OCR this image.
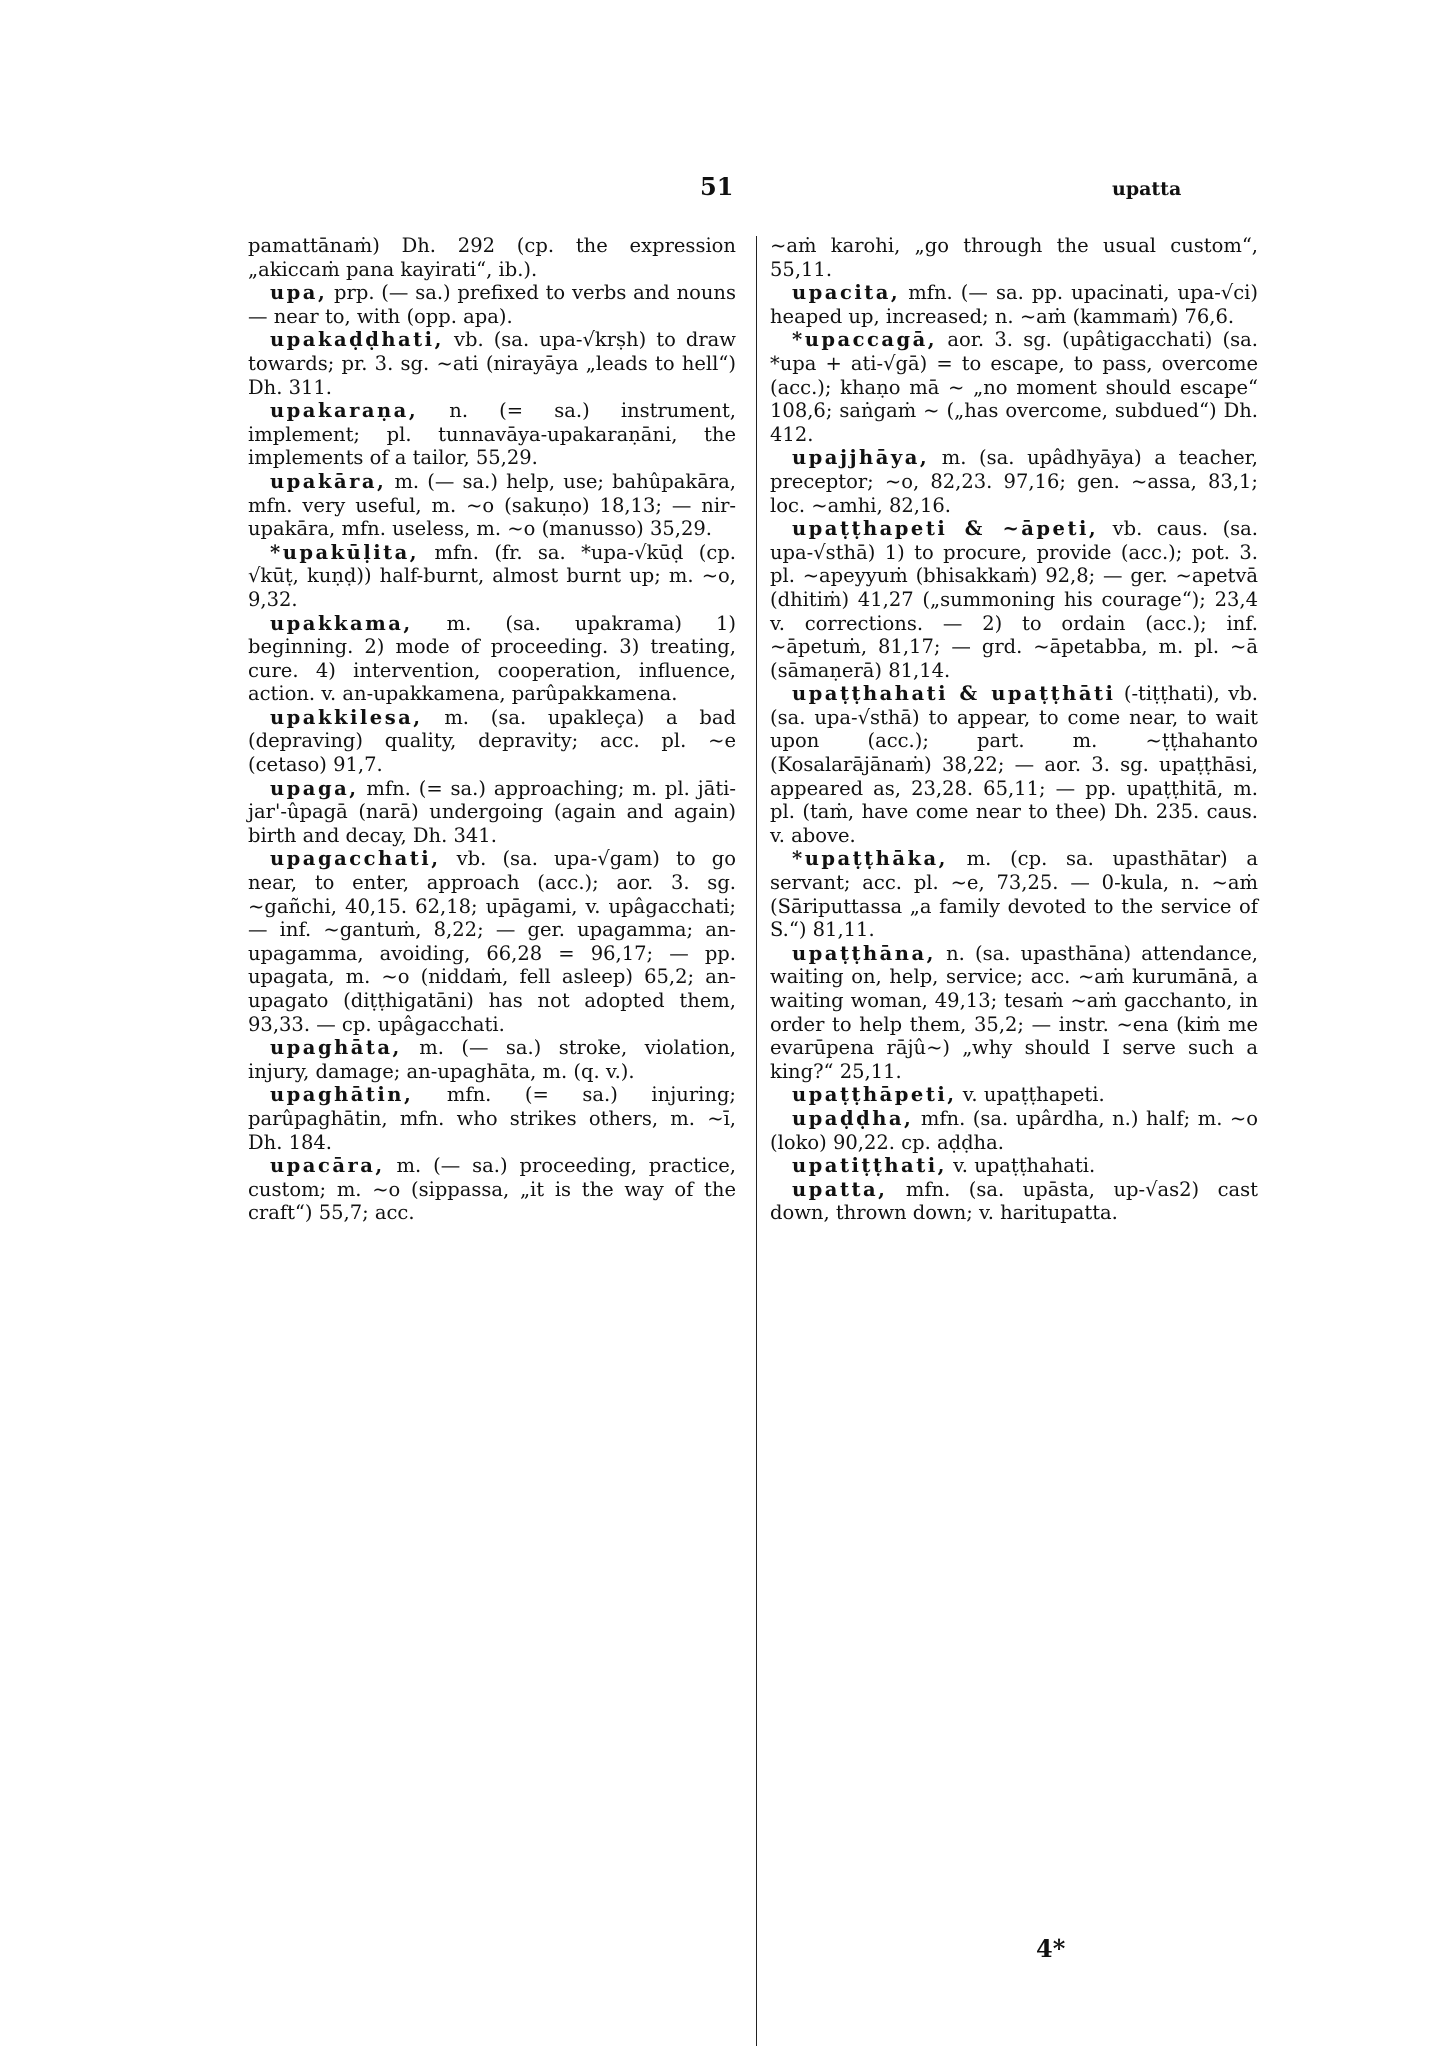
51	upatta

pamattānaṁ) Dh. 292 (cp. the expression „akiccaṁ pana kayirati“, ib.).

upa, prp. (— sa.) prefixed to verbs and nouns — near to, with (opp. apa).

upakaḍḍhati, vb. (sa. upa-√krṣh) to draw towards; pr. 3. sg. ~ati (nirayāya „leads to hell“) Dh. 311.

upakaraṇa, n. (= sa.) instrument, implement; pl. tunnavāya-upakaraṇāni, the implements of a tailor, 55,29.

upakāra, m. (— sa.) help, use; bahûpakāra, mfn. very useful, m. ~o (sakuṇo) 18,13; — nir-upakāra, mfn. useless, m. ~o (manusso) 35,29.

*upakūḷita, mfn. (fr. sa. *upa-√kūḍ (cp. √kūṭ, kuṇḍ)) half-burnt, almost burnt up; m. ~o, 9,32.

upakkama, m. (sa. upakrama) 1) beginning. 2) mode of proceeding. 3) treating, cure. 4) intervention, cooperation, influence, action. v. an-upakkamena, parûpakkamena.

upakkilesa, m. (sa. upakleça) a bad (depraving) quality, depravity; acc. pl. ~e (cetaso) 91,7.

upaga, mfn. (= sa.) approaching; m. pl. jāti-jar'-ûpagā (narā) undergoing (again and again) birth and decay, Dh. 341.

upagacchati, vb. (sa. upa-√gam) to go near, to enter, approach (acc.); aor. 3. sg. ~gañchi, 40,15. 62,18; upāgami, v. upâgacchati; — inf. ~gantuṁ, 8,22; — ger. upagamma; an-upagamma, avoiding, 66,28 = 96,17; — pp. upagata, m. ~o (niddaṁ, fell asleep) 65,2; an-upagato (diṭṭhigatāni) has not adopted them, 93,33. — cp. upâgacchati.

upaghāta, m. (— sa.) stroke, violation, injury, damage; an-upaghāta, m. (q. v.).

upaghātin, mfn. (= sa.) injuring; parûpaghātin, mfn. who strikes others, m. ~ī, Dh. 184.

upacāra, m. (— sa.) proceeding, practice, custom; m. ~o (sippassa, „it is the way of the craft“) 55,7; acc.

~aṁ karohi, „go through the usual custom“, 55,11.

upacita, mfn. (— sa. pp. upacinati, upa-√ci) heaped up, increased; n. ~aṁ (kammaṁ) 76,6.

*upaccagā, aor. 3. sg. (upâtigacchati) (sa. *upa + ati-√gā) = to escape, to pass, overcome (acc.); khaṇo mā ~ „no moment should escape“ 108,6; saṅgaṁ ~ („has overcome, subdued“) Dh. 412.

upajjhāya, m. (sa. upâdhyāya) a teacher, preceptor; ~o, 82,23. 97,16; gen. ~assa, 83,1; loc. ~amhi, 82,16.

upaṭṭhapeti & ~āpeti, vb. caus. (sa. upa-√sthā) 1) to procure, provide (acc.); pot. 3. pl. ~apeyyuṁ (bhisakkaṁ) 92,8; — ger. ~apetvā (dhitiṁ) 41,27 („summoning his courage“); 23,4 v. corrections. — 2) to ordain (acc.); inf. ~āpetuṁ, 81,17; — grd. ~āpetabba, m. pl. ~ā (sāmaṇerā) 81,14.

upaṭṭhahati & upaṭṭhāti (-tiṭṭhati), vb. (sa. upa-√sthā) to appear, to come near, to wait upon (acc.); part. m. ~ṭṭhahanto (Kosalarājānaṁ) 38,22; — aor. 3. sg. upaṭṭhāsi, appeared as, 23,28. 65,11; — pp. upaṭṭhitā, m. pl. (taṁ, have come near to thee) Dh. 235. caus. v. above.

*upaṭṭhāka, m. (cp. sa. upasthātar) a servant; acc. pl. ~e, 73,25. — 0-kula, n. ~aṁ (Sāriputtassa „a family devoted to the service of S.“) 81,11.

upaṭṭhāna, n. (sa. upasthāna) attendance, waiting on, help, service; acc. ~aṁ kurumānā, a waiting woman, 49,13; tesaṁ ~aṁ gacchanto, in order to help them, 35,2; — instr. ~ena (kiṁ me evarūpena rājû~) „why should I serve such a king?“ 25,11.

upaṭṭhāpeti, v. upaṭṭhapeti.

upaḍḍha, mfn. (sa. upârdha, n.) half; m. ~o (loko) 90,22. cp. aḍḍha.

upatiṭṭhati, v. upaṭṭhahati.

upatta, mfn. (sa. upāsta, up-√as2) cast down, thrown down; v. haritupatta.

4*
